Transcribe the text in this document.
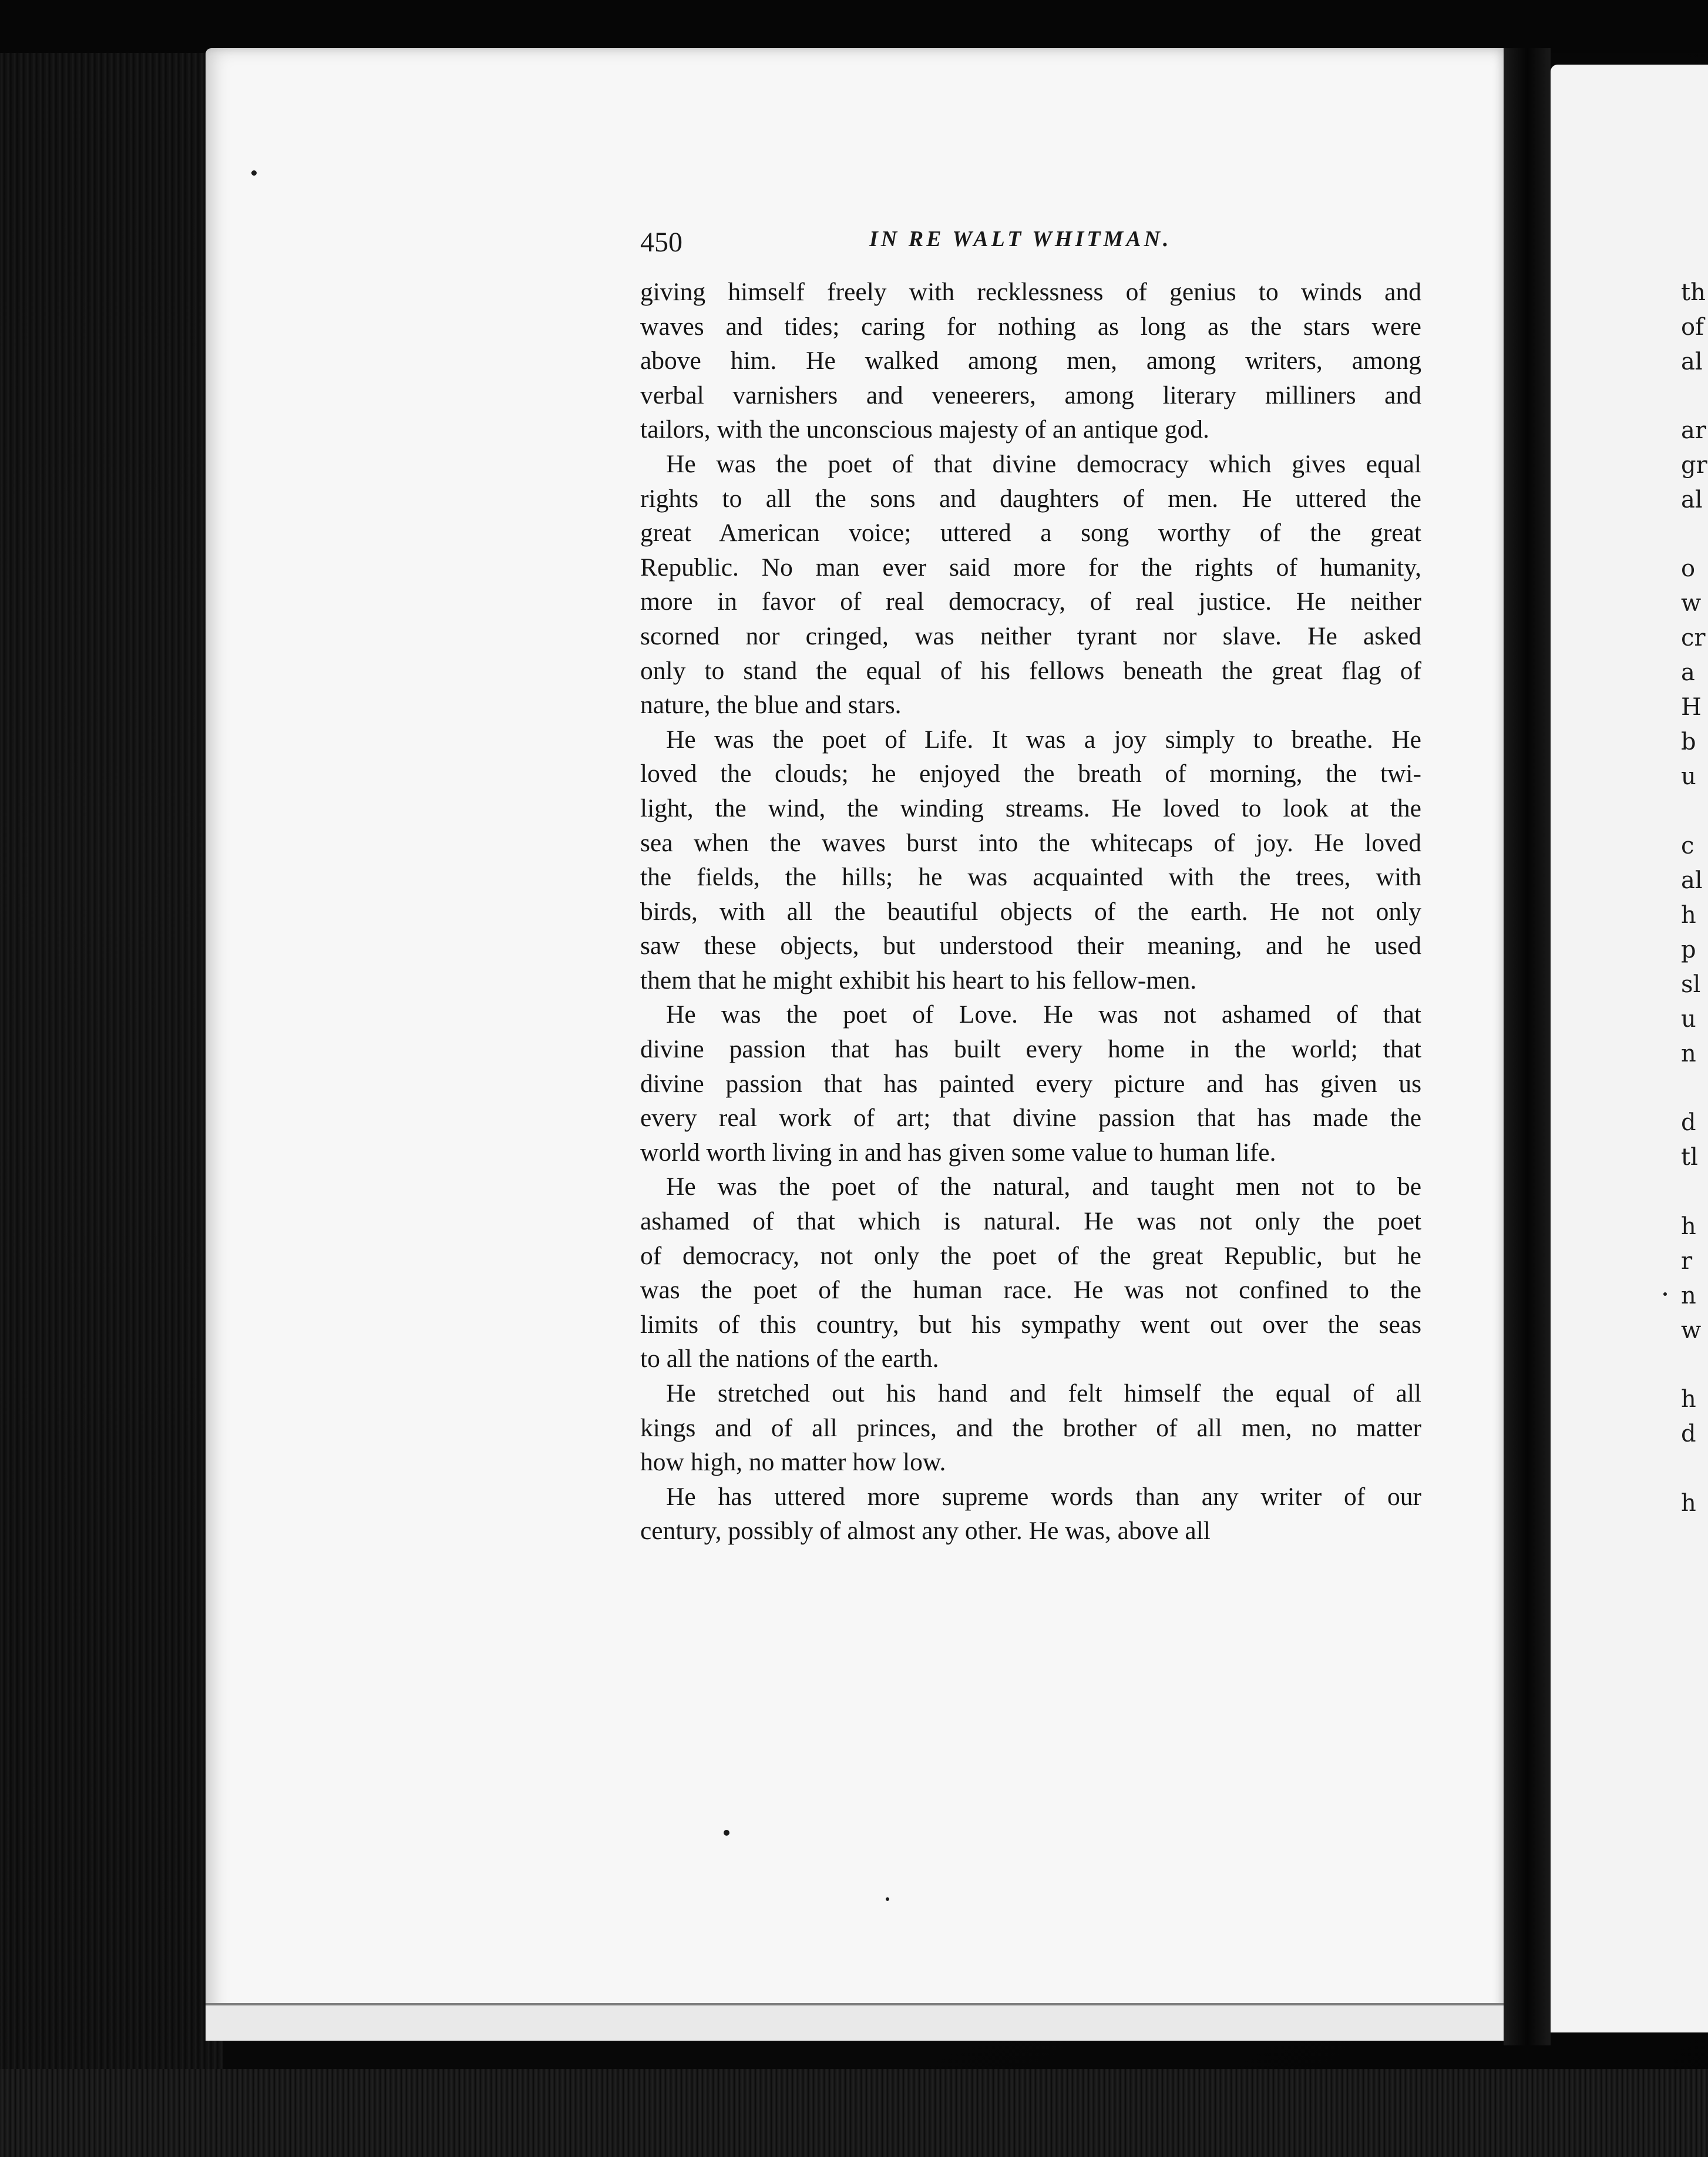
th
of
al
ar
gr
al
o
w
cr
a
H
b
u
c
al
h
p
sl
u
n
d
tl
h
r
n
w
h
d
h
450	IN RE WALT WHITMAN.
giving himself freely with recklessness of genius to winds and
waves and tides; caring for nothing as long as the stars were
above him. He walked among men, among writers, among
verbal varnishers and veneerers, among literary milliners and
tailors, with the unconscious majesty of an antique god.
He was the poet of that divine democracy which gives equal
rights to all the sons and daughters of men. He uttered the
great American voice; uttered a song worthy of the great
Republic. No man ever said more for the rights of humanity,
more in favor of real democracy, of real justice. He neither
scorned nor cringed, was neither tyrant nor slave. He asked
only to stand the equal of his fellows beneath the great flag of
nature, the blue and stars.
He was the poet of Life. It was a joy simply to breathe. He
loved the clouds; he enjoyed the breath of morning, the twi-
light, the wind, the winding streams. He loved to look at the
sea when the waves burst into the whitecaps of joy. He loved
the fields, the hills; he was acquainted with the trees, with
birds, with all the beautiful objects of the earth. He not only
saw these objects, but understood their meaning, and he used
them that he might exhibit his heart to his fellow-men.
He was the poet of Love. He was not ashamed of that
divine passion that has built every home in the world; that
divine passion that has painted every picture and has given us
every real work of art; that divine passion that has made the
world worth living in and has given some value to human life.
He was the poet of the natural, and taught men not to be
ashamed of that which is natural. He was not only the poet
of democracy, not only the poet of the great Republic, but he
was the poet of the human race. He was not confined to the
limits of this country, but his sympathy went out over the seas
to all the nations of the earth.
He stretched out his hand and felt himself the equal of all
kings and of all princes, and the brother of all men, no matter
how high, no matter how low.
He has uttered more supreme words than any writer of our
century, possibly of almost any other. He was, above all
